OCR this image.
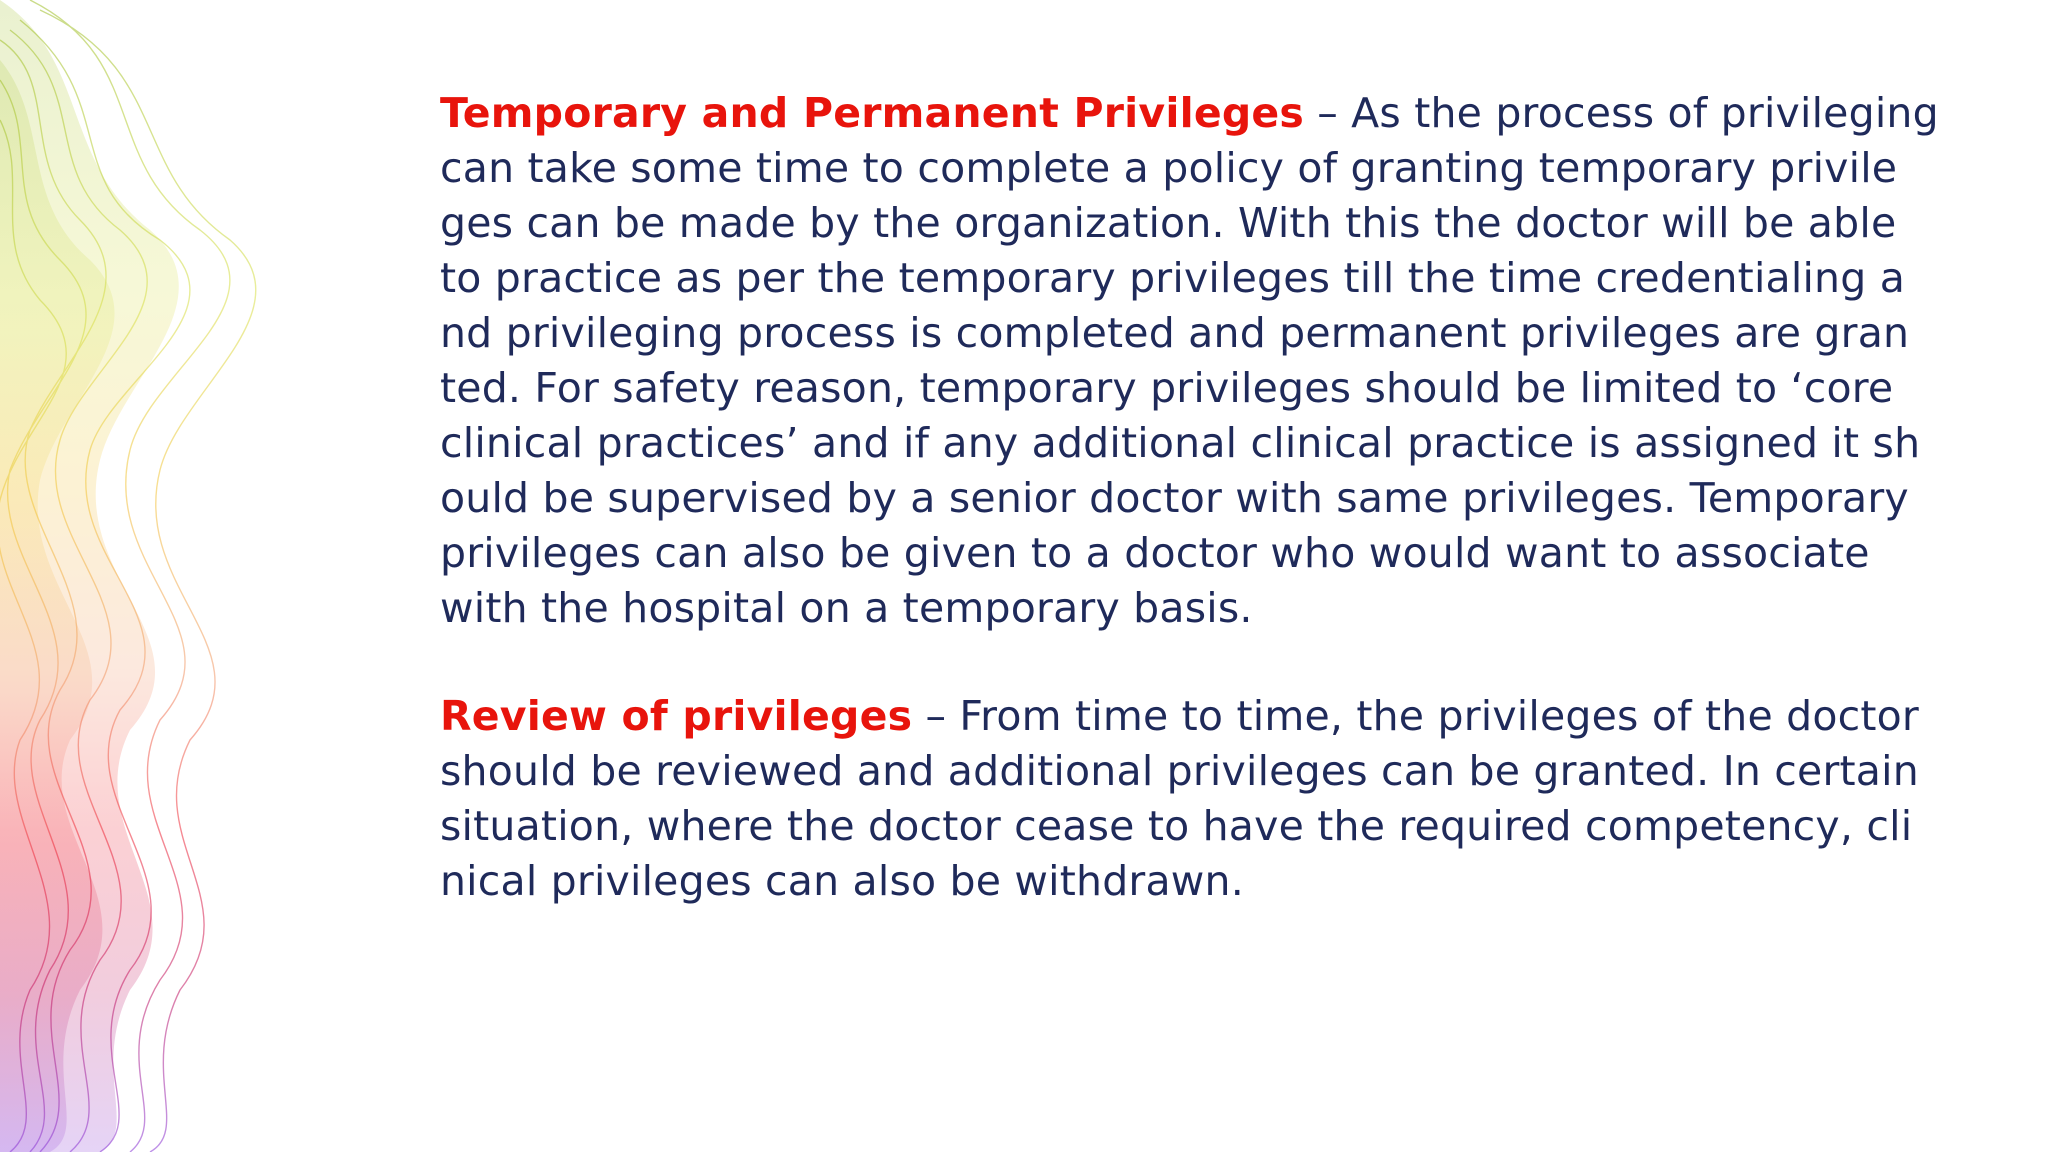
Temporary and Permanent Privileges – As the process of privileging
can take some time to complete a policy of granting temporary privile
ges can be made by the organization. With this the doctor will be able
to practice as per the temporary privileges till the time credentialing a
nd privileging process is completed and permanent privileges are gran
ted. For safety reason, temporary privileges should be limited to ‘core
clinical practices’ and if any additional clinical practice is assigned it sh
ould be supervised by a senior doctor with same privileges. Temporary
privileges can also be given to a doctor who would want to associate
with the hospital on a temporary basis.

Review of privileges – From time to time, the privileges of the doctor
should be reviewed and additional privileges can be granted. In certain
situation, where the doctor cease to have the required competency, cli
nical privileges can also be withdrawn.
